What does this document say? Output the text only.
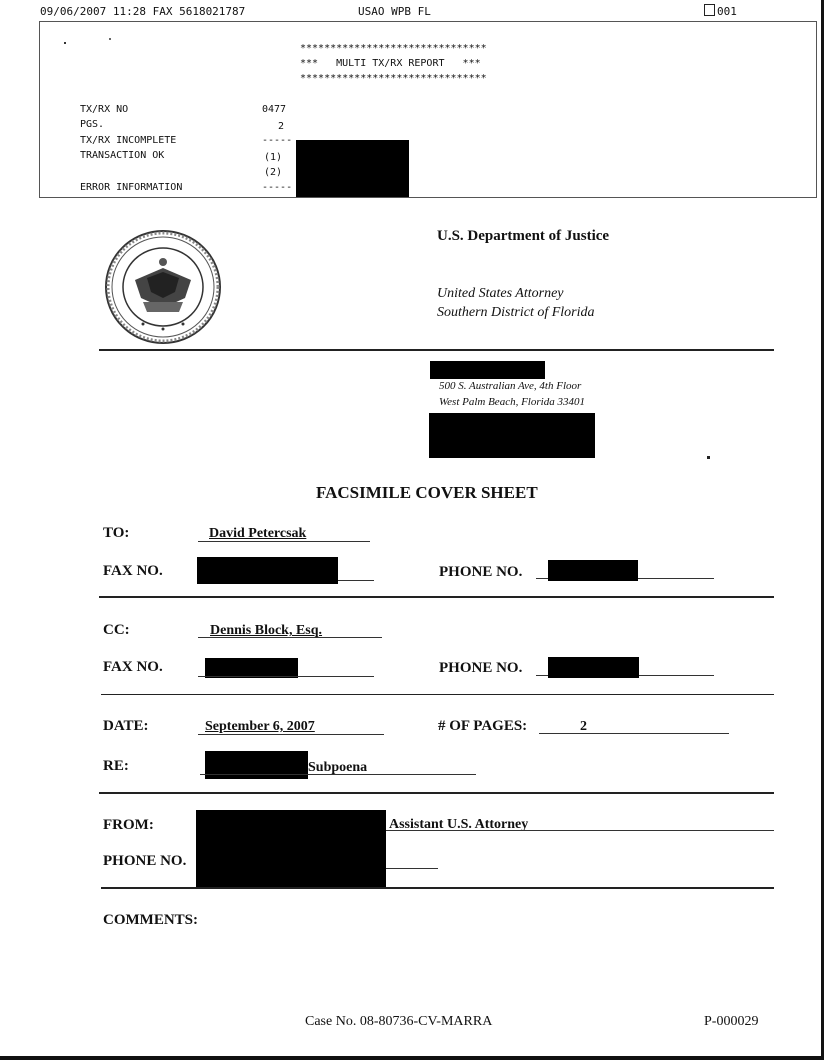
09/06/2007 11:28 FAX 5618021787	USAO WPB FL	001
*******************************
***   MULTI TX/RX REPORT   ***
*******************************
TX/RX NO	0477
PGS.	2
TX/RX INCOMPLETE	-----
TRANSACTION OK	(1)
(2)
ERROR INFORMATION	-----
U.S. Department of Justice
United States Attorney
Southern District of Florida
500 S. Australian Ave, 4th Floor
West Palm Beach, Florida 33401
FACSIMILE COVER SHEET
TO:	David Petercsak
FAX NO.	PHONE NO.
CC:	Dennis Block, Esq.
FAX NO.	PHONE NO.
DATE:	September 6, 2007	# OF PAGES:	2
RE:	Subpoena
FROM:	Assistant U.S. Attorney
PHONE NO.
COMMENTS:
Case No. 08-80736-CV-MARRA	P-000029
